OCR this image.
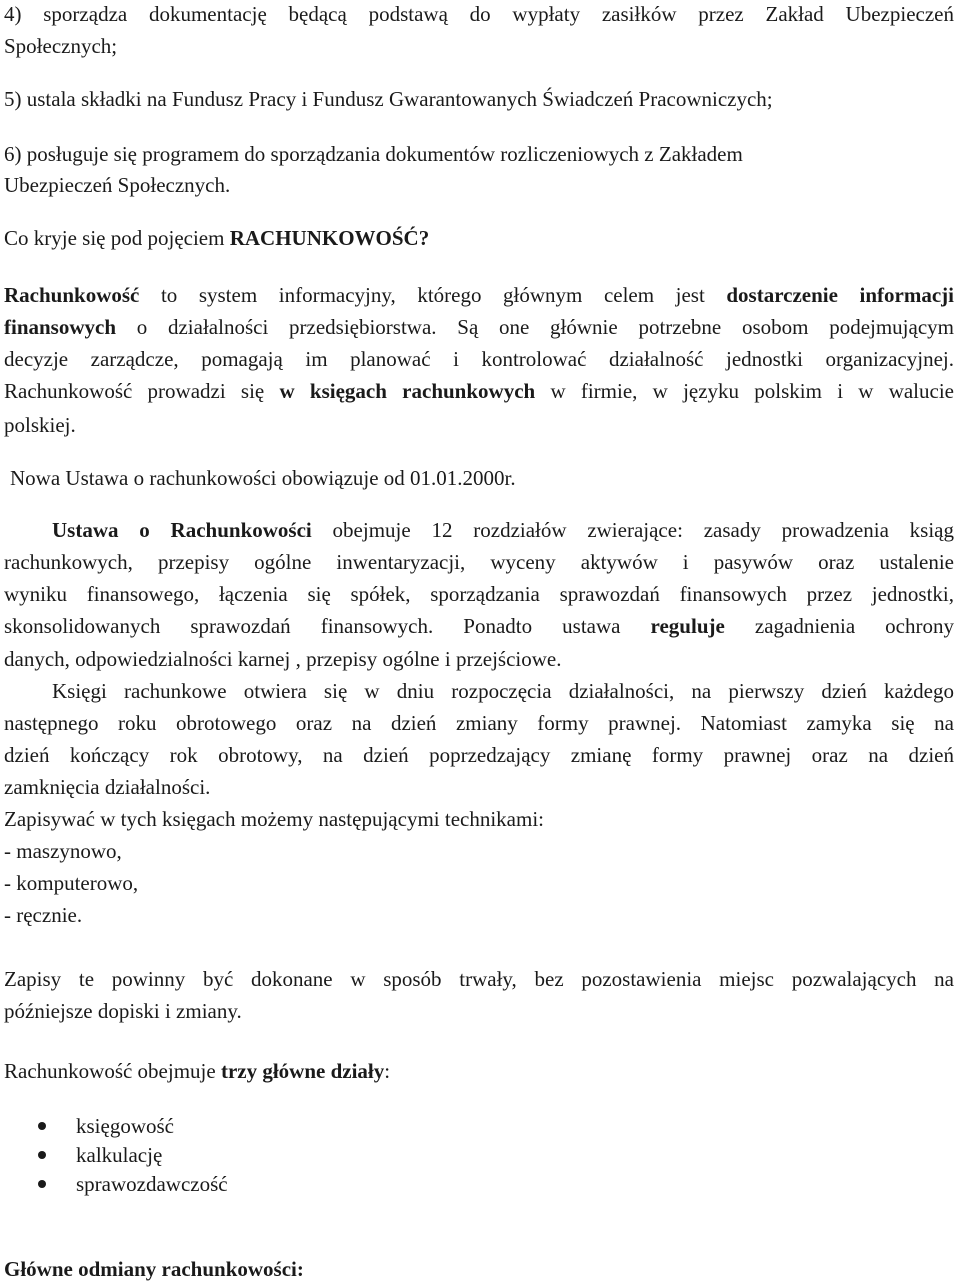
4) sporządza dokumentację będącą podstawą do wypłaty zasiłków przez Zakład Ubezpieczeń
Społecznych;
5) ustala składki na Fundusz Pracy i Fundusz Gwarantowanych Świadczeń Pracowniczych;
6) posługuje się programem do sporządzania dokumentów rozliczeniowych z Zakładem
Ubezpieczeń Społecznych.
Co kryje się pod pojęciem RACHUNKOWOŚĆ?
Rachunkowość to system informacyjny, którego głównym celem jest dostarczenie informacji
finansowych o działalności przedsiębiorstwa. Są one głównie potrzebne osobom podejmującym
decyzje zarządcze, pomagają im planować i kontrolować działalność jednostki organizacyjnej.
Rachunkowość prowadzi się w księgach rachunkowych w firmie, w języku polskim i w walucie
polskiej.
Nowa Ustawa o rachunkowości obowiązuje od 01.01.2000r.
Ustawa o Rachunkowości obejmuje 12 rozdziałów zwierające: zasady prowadzenia ksiąg
rachunkowych, przepisy ogólne inwentaryzacji, wyceny aktywów i pasywów oraz ustalenie
wyniku finansowego, łączenia się spółek, sporządzania sprawozdań finansowych przez jednostki,
skonsolidowanych sprawozdań finansowych. Ponadto ustawa reguluje zagadnienia ochrony
danych, odpowiedzialności karnej , przepisy ogólne i przejściowe.
Księgi rachunkowe otwiera się w dniu rozpoczęcia działalności, na pierwszy dzień każdego
następnego roku obrotowego oraz na dzień zmiany formy prawnej. Natomiast zamyka się na
dzień kończący rok obrotowy, na dzień poprzedzający zmianę formy prawnej oraz na dzień
zamknięcia działalności.
Zapisywać w tych księgach możemy następującymi technikami:
- maszynowo,
- komputerowo,
- ręcznie.
Zapisy te powinny być dokonane w sposób trwały, bez pozostawienia miejsc pozwalających na
późniejsze dopiski i zmiany.
Rachunkowość obejmuje trzy główne działy:
księgowość
kalkulację
sprawozdawczość
Główne odmiany rachunkowości:
